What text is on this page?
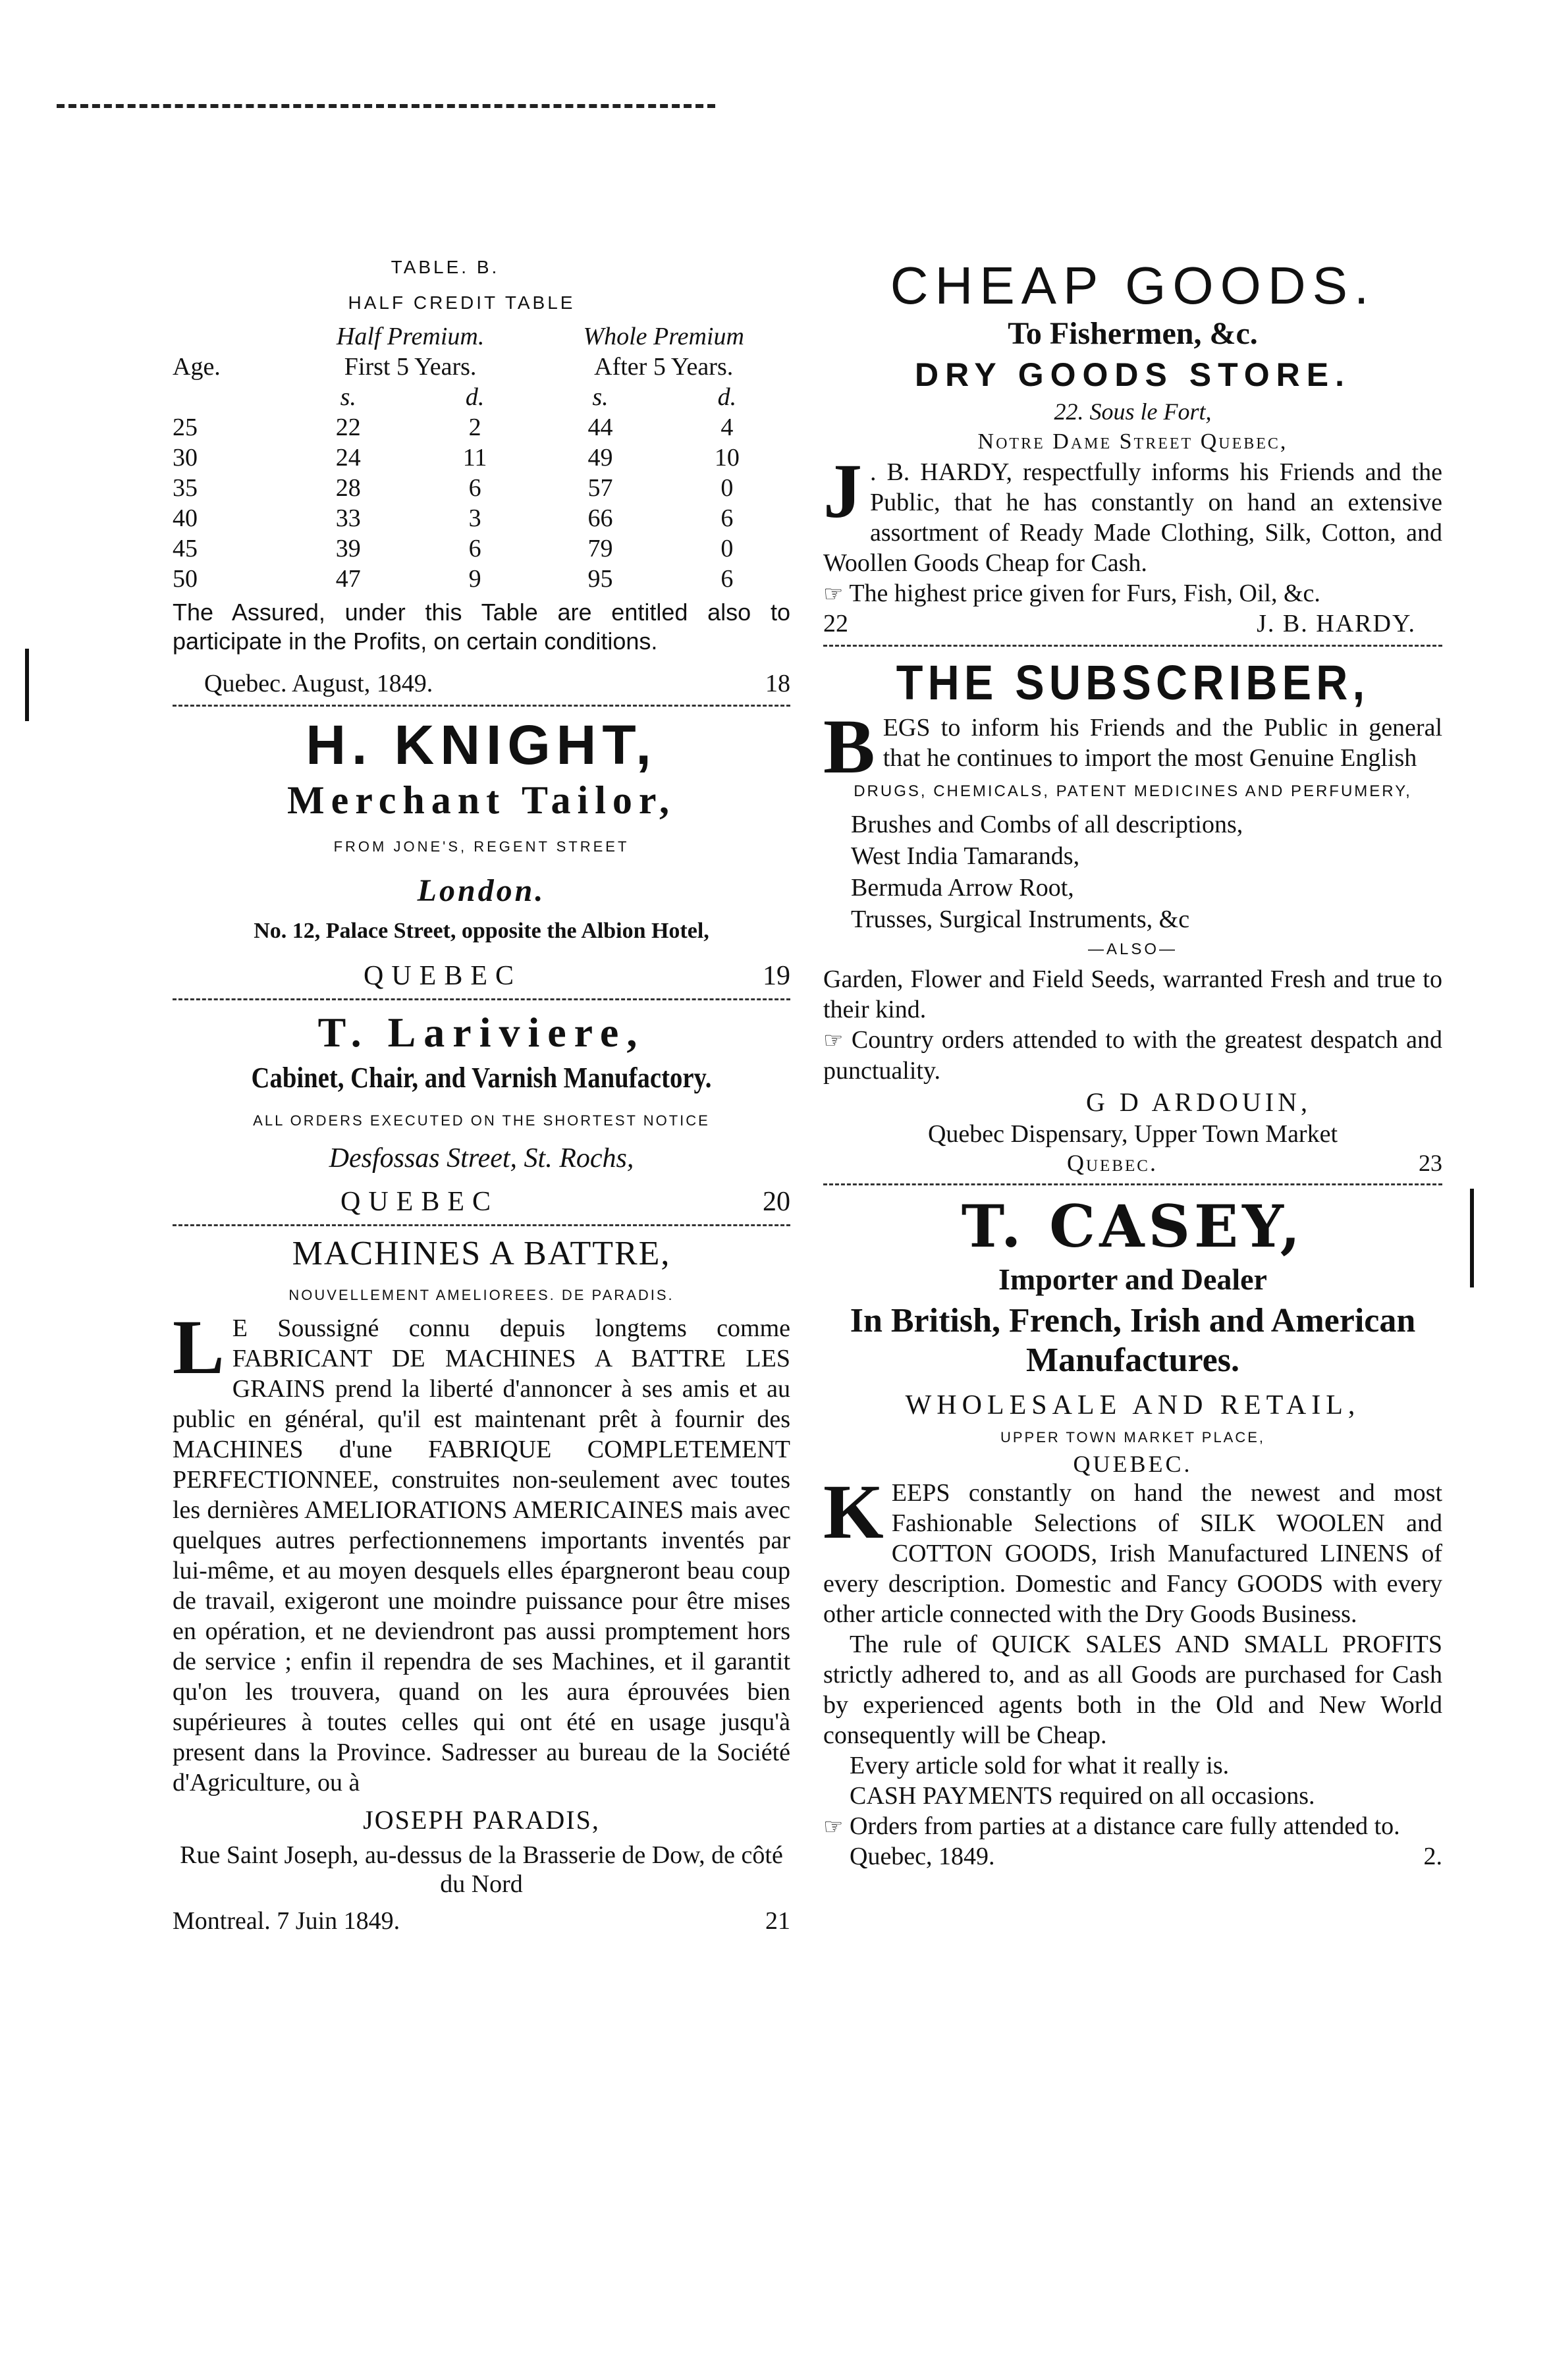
TABLE. B.
HALF CREDIT TABLE
	Half Premium.		Whole Premium	
Age.	First 5 Years.		After 5 Years.	
	s.	d.	s.	d.
25	22	2	44	4
30	24	11	49	10
35	28	6	57	0
40	33	3	66	6
45	39	6	79	0
50	47	9	95	6
The Assured, under this Table are entitled also to participate in the Profits, on certain conditions.
Quebec. August, 1849.	18
H. KNIGHT,
Merchant Tailor,
FROM JONE'S, REGENT STREET
London.
No. 12, Palace Street, opposite the Albion Hotel,
QUEBEC	19
T. Lariviere,
Cabinet, Chair, and Varnish Manufactory.
ALL ORDERS EXECUTED ON THE SHORTEST NOTICE
Desfossas Street, St. Rochs,
QUEBEC	20
MACHINES A BATTRE,
NOUVELLEMENT AMELIOREES. DE PARADIS.
L E Soussigné connu depuis longtems comme FABRICANT DE MACHINES A BATTRE LES GRAINS prend la liberté d'annoncer à ses amis et au public en général, qu'il est maintenant prêt à fournir des MACHINES d'une FABRIQUE COMPLETEMENT PERFECTIONNEE, construites non-seulement avec toutes les dernières AMELIORATIONS AMERICAINES mais avec quelques autres perfectionnemens importants inventés par lui-même, et au moyen desquels elles épargneront beau coup de travail, exigeront une moindre puissance pour être mises en opération, et ne deviendront pas aussi promptement hors de service ; enfin il rependra de ses Machines, et il garantit qu'on les trouvera, quand on les aura éprouvées bien supérieures à toutes celles qui ont été en usage jusqu'à present dans la Province. Sadresser au bureau de la Société d'Agriculture, ou à
JOSEPH PARADIS,
Rue Saint Joseph, au-dessus de la Brasserie de Dow, de côté du Nord
Montreal. 7 Juin 1849.	21
CHEAP GOODS.
To Fishermen, &c.
DRY GOODS STORE.
22. Sous le Fort,
Notre Dame Street Quebec,
J . B. HARDY, respectfully informs his Friends and the Public, that he has constantly on hand an extensive assortment of Ready Made Clothing, Silk, Cotton, and Woollen Goods Cheap for Cash.
☞ The highest price given for Furs, Fish, Oil, &c.
22	J. B. HARDY.
THE SUBSCRIBER,
B EGS to inform his Friends and the Public in general that he continues to import the most Genuine English
DRUGS, CHEMICALS, PATENT MEDICINES AND PERFUMERY,
Brushes and Combs of all descriptions,
West India Tamarands,
Bermuda Arrow Root,
Trusses, Surgical Instruments, &c
—ALSO—
Garden, Flower and Field Seeds, warranted Fresh and true to their kind.
☞ Country orders attended to with the greatest despatch and punctuality.
G D ARDOUIN,
Quebec Dispensary, Upper Town Market
Quebec.	23
T. CASEY,
Importer and Dealer
In British, French, Irish and American Manufactures.
WHOLESALE AND RETAIL,
UPPER TOWN MARKET PLACE,
QUEBEC.
K EEPS constantly on hand the newest and most Fashionable Selections of SILK WOOLEN and COTTON GOODS, Irish Manufactured LINENS of every description. Domestic and Fancy GOODS with every other article connected with the Dry Goods Business.
The rule of QUICK SALES AND SMALL PROFITS strictly adhered to, and as all Goods are purchased for Cash by experienced agents both in the Old and New World consequently will be Cheap.
Every article sold for what it really is.
CASH PAYMENTS required on all occasions.
☞ Orders from parties at a distance care fully attended to.
Quebec, 1849.	2.
